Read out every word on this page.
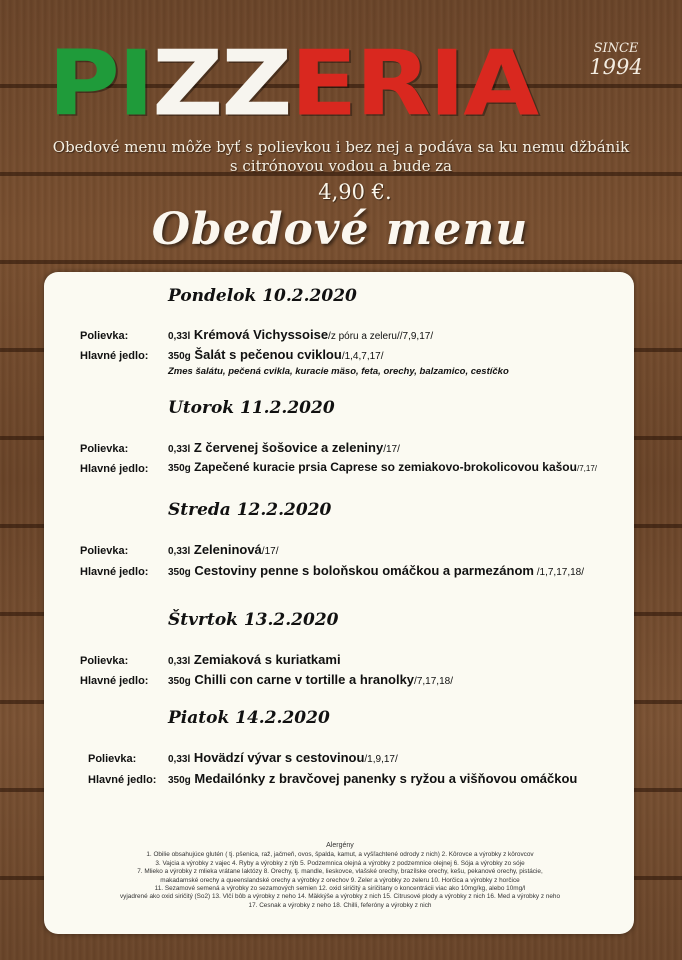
PI ZZ ER IA	SINCE
1994
Obedové menu môže byť s polievkou i bez nej a podáva sa ku nemu džbánik
s citrónovou vodou a bude za
4,90 €.
Obedové menu
Pondelok 10.2.2020
Polievka:	0,33l Krémová Vichyssoise/z póru a zeleru//7,9,17/
Hlavné jedlo: 350g Šalát s pečenou cviklou/1,4,7,17/
Zmes šalátu, pečená cvikla, kuracie mäso, feta, orechy, balzamico, cestíčko
Utorok 11.2.2020
Polievka:	0,33l Z červenej šošovice a zeleniny/17/
Hlavné jedlo: 350g Zapečené kuracie prsia Caprese so zemiakovo-brokolicovou kašou/7,17/
Streda 12.2.2020
Polievka:	0,33l Zeleninová/17/
Hlavné jedlo: 350g Cestoviny penne s boloňskou omáčkou a parmezánom /1,7,17,18/
Štvrtok 13.2.2020
Polievka:	0,33l Zemiaková s kuriatkami
Hlavné jedlo: 350g Chilli con carne v tortille a hranolky/7,17,18/
Piatok 14.2.2020
Polievka:	0,33l Hovädzí vývar s cestovinou/1,9,17/
Hlavné jedlo: 350g Medailónky z bravčovej panenky s ryžou a višňovou omáčkou
Alergény
1. Obilie obsahujúce glutén ( tj. pšenica, raž, jačmeň, ovos, špalda, kamut, a vyšľachtené odrody z nich) 2. Kôrovce a výrobky z kôrovcov
3. Vajcia a výrobky z vajec 4. Ryby a výrobky z rýb 5. Podzemnica olejná a výrobky z podzemnice olejnej 6. Sója a výrobky zo sóje
7. Mlieko a výrobky z mlieka vrátane laktózy 8. Orechy, tj. mandle, lieskovce, vlašské orechy, brazílske orechy, kešu, pekanové orechy, pistácie,
makadamské orechy a queenslandské orechy a výrobky z orechov 9. Zeler a výrobky zo zeleru 10. Horčica a výrobky z horčice
11. Sezamové semená a výrobky zo sezamových semien 12. oxid siričitý a siričitany o koncentrácii viac ako 10mg/kg, alebo 10mg/l
vyjadrené ako oxid siričitý (So2) 13. Vlčí bôb a výrobky z neho 14. Mäkkýše a výrobky z nich 15. Citrusové plody a výrobky z nich 16. Med a výrobky z neho
17. Cesnak a výrobky z neho 18. Chilli, feferóny a výrobky z nich
